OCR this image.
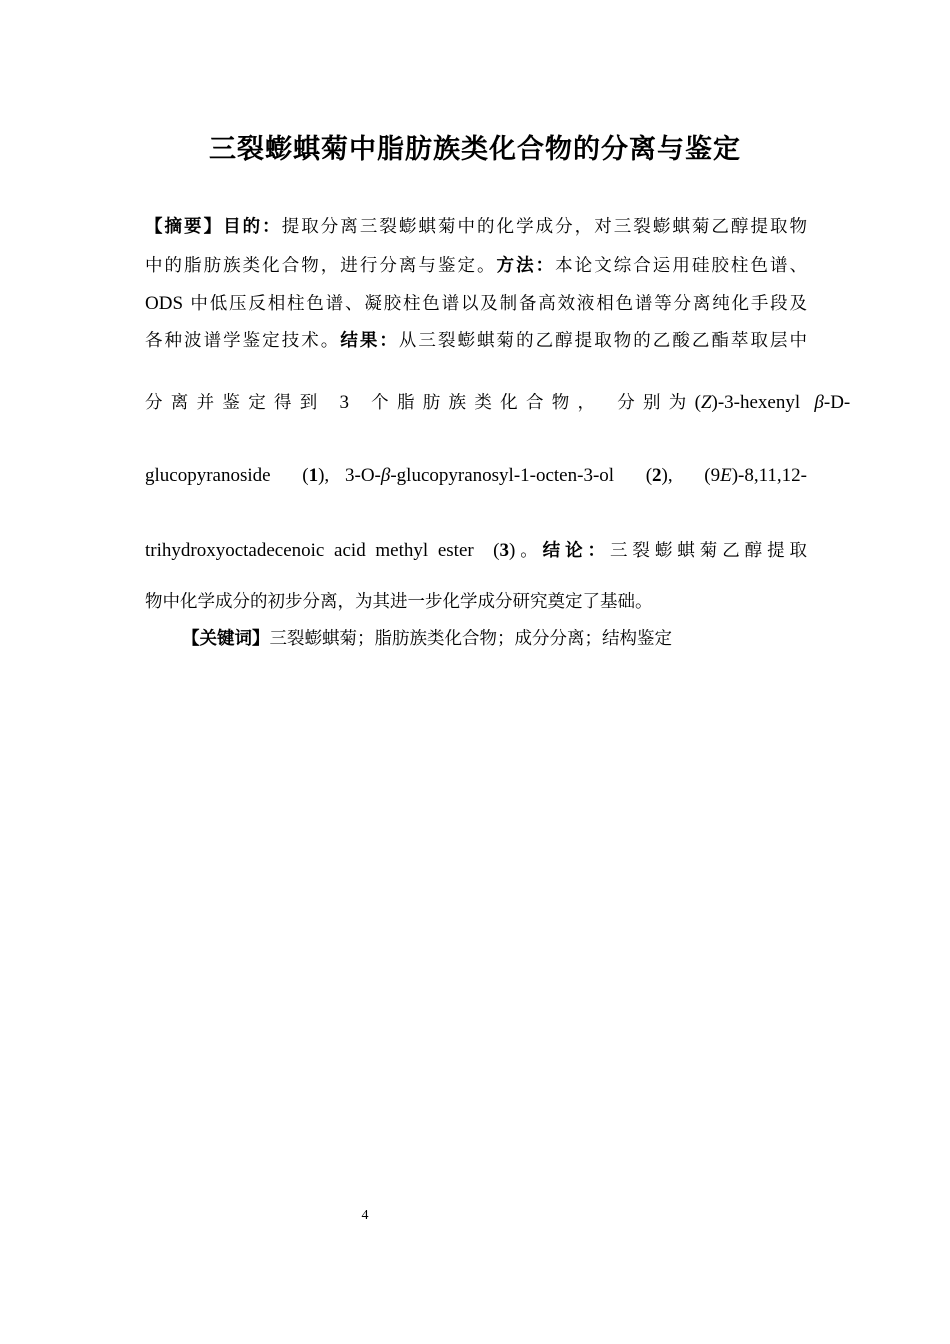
三裂蟛蜞菊中脂肪族类化合物的分离与鉴定
【摘要】目的：提取分离三裂蟛蜞菊中的化学成分，对三裂蟛蜞菊乙醇提取物
中的脂肪族类化合物，进行分离与鉴定。方法：本论文综合运用硅胶柱色谱、
ODS 中低压反相柱色谱、凝胶柱色谱以及制备高效液相色谱等分离纯化手段及
各种波谱学鉴定技术。结果：从三裂蟛蜞菊的乙醇提取物的乙酸乙酯萃取层中
分离并鉴定得到 3 个脂肪族类化合物， 分别为(Z)-3-hexenyl   β-D-
glucopyranoside  (1), 3-O-β-glucopyranosyl-1-octen-3-ol  (2),  (9E)-8,11,12-
trihydroxyoctadecenoic acid methyl ester  (3)。结论：三裂蟛蜞菊乙醇提取
物中化学成分的初步分离，为其进一步化学成分研究奠定了基础。
【关键词】三裂蟛蜞菊；脂肪族类化合物；成分分离；结构鉴定
4
